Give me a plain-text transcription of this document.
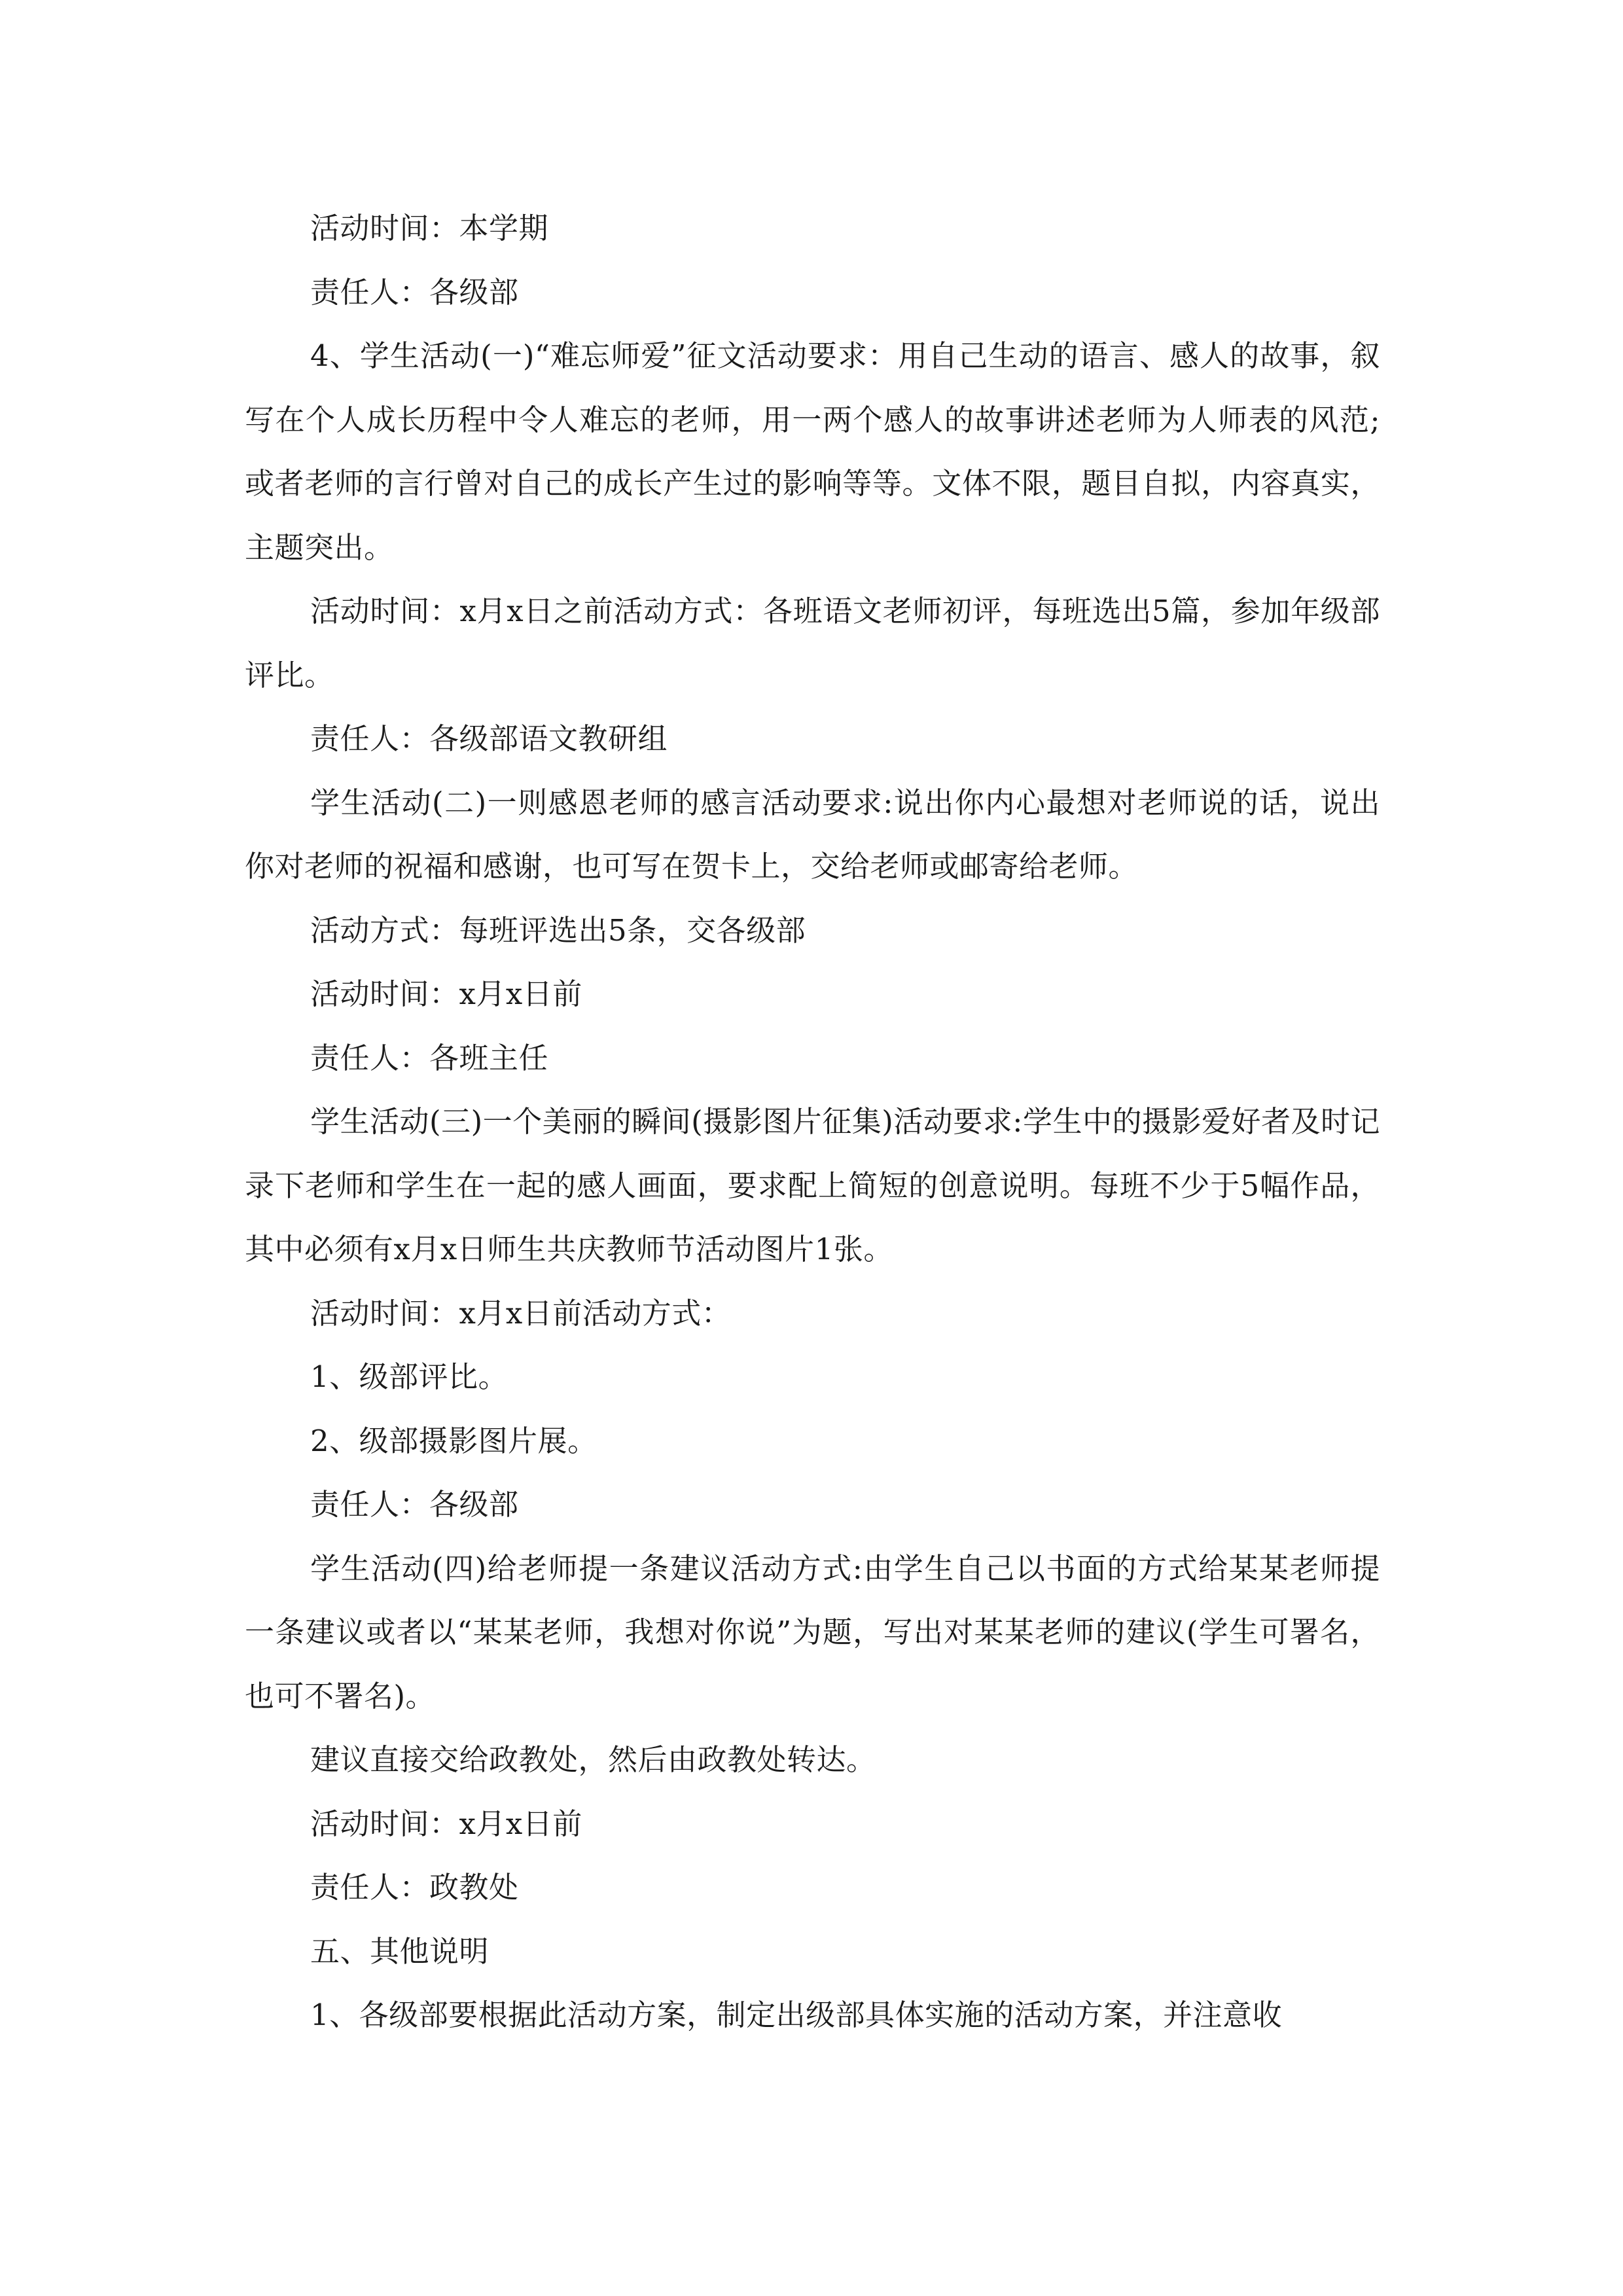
活动时间：本学期

责任人：各级部

4、学生活动(一)“难忘师爱”征文活动要求：用自己生动的语言、感人的故事，叙写在个人成长历程中令人难忘的老师，用一两个感人的故事讲述老师为人师表的风范;或者老师的言行曾对自己的成长产生过的影响等等。文体不限，题目自拟，内容真实，主题突出。

活动时间：x月x日之前活动方式：各班语文老师初评，每班选出5篇，参加年级部评比。

责任人：各级部语文教研组

学生活动(二)一则感恩老师的感言活动要求:说出你内心最想对老师说的话，说出你对老师的祝福和感谢，也可写在贺卡上，交给老师或邮寄给老师。

活动方式：每班评选出5条，交各级部

活动时间：x月x日前

责任人：各班主任

学生活动(三)一个美丽的瞬间(摄影图片征集)活动要求:学生中的摄影爱好者及时记录下老师和学生在一起的感人画面，要求配上简短的创意说明。每班不少于5幅作品，其中必须有x月x日师生共庆教师节活动图片1张。

活动时间：x月x日前活动方式：

1、级部评比。

2、级部摄影图片展。

责任人：各级部

学生活动(四)给老师提一条建议活动方式:由学生自己以书面的方式给某某老师提一条建议或者以“某某老师，我想对你说”为题，写出对某某老师的建议(学生可署名，也可不署名)。

建议直接交给政教处，然后由政教处转达。

活动时间：x月x日前

责任人：政教处

五、其他说明

1、各级部要根据此活动方案，制定出级部具体实施的活动方案，并注意收
